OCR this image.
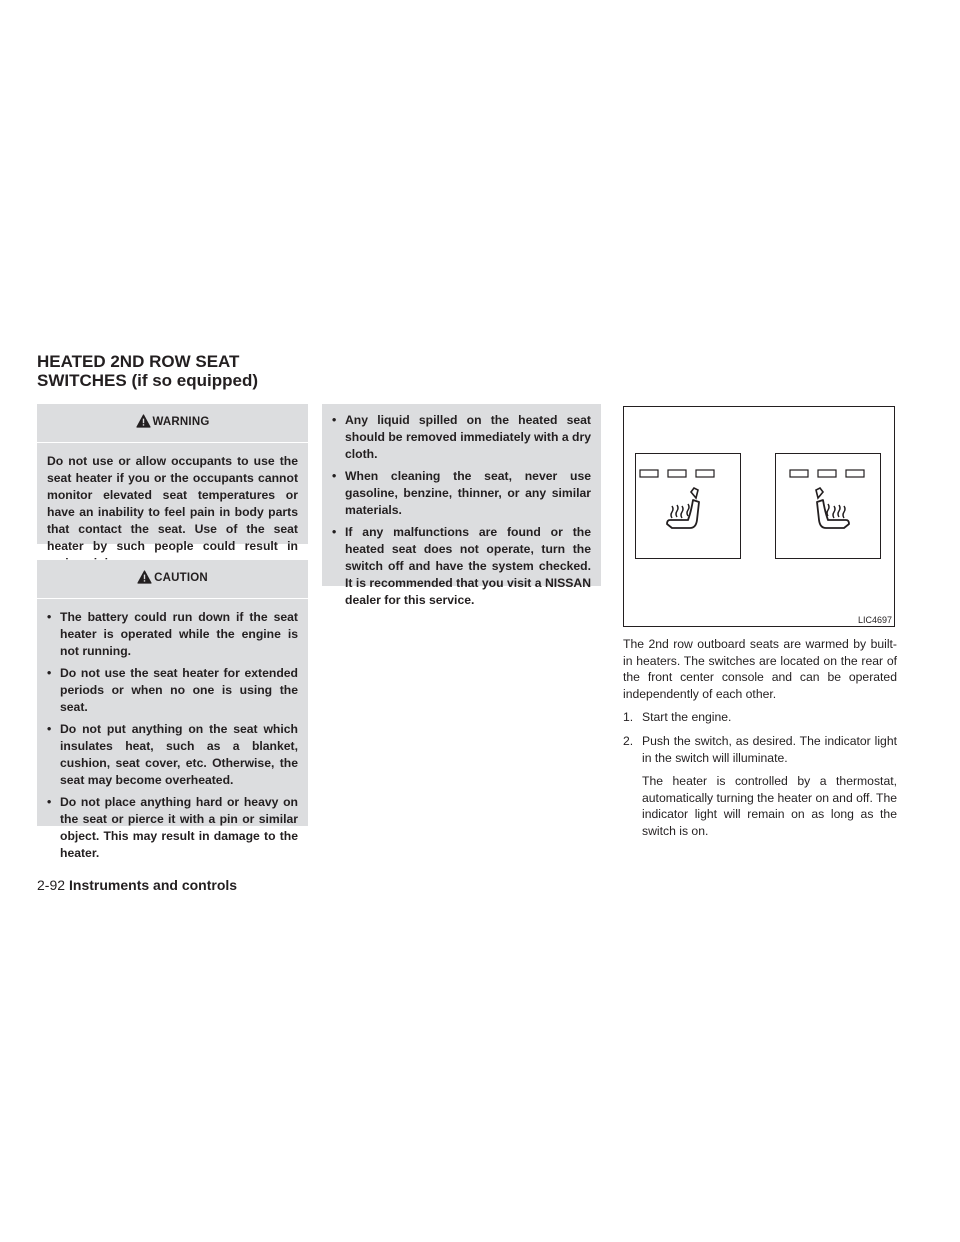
HEATED 2ND ROW SEAT SWITCHES (if so equipped)
WARNING

Do not use or allow occupants to use the seat heater if you or the occupants cannot monitor elevated seat temperatures or have an inability to feel pain in body parts that contact the seat. Use of the seat heater by such people could result in

CAUTION
• The battery could run down if the seat heater is operated while the engine is not running.
• Do not use the seat heater for extended periods or when no one is using the seat.
• Do not put anything on the seat which insulates heat, such as a blanket, cushion, seat cover, etc. Otherwise, the seat may become overheated.
• Do not place anything hard or heavy on the seat or pierce it with a pin or similar object. This may result in damage to the heater.
• Any liquid spilled on the heated seat should be removed immediately with a dry cloth.
• When cleaning the seat, never use gasoline, benzine, thinner, or any similar materials.
• If any malfunctions are found or the heated seat does not operate, turn the switch off and have the system checked. It is recommended that you visit a NISSAN dealer for this service.
LIC4697

The 2nd row outboard seats are warmed by built-in heaters. The switches are located on the rear of the front center console and can be operated independently of each other.

1. Start the engine.

2. Push the switch, as desired. The indicator light in the switch will illuminate.

The heater is controlled by a thermostat, automatically turning the heater on and off. The indicator light will remain on as long as the switch is on.

2-92 Instruments and controls
